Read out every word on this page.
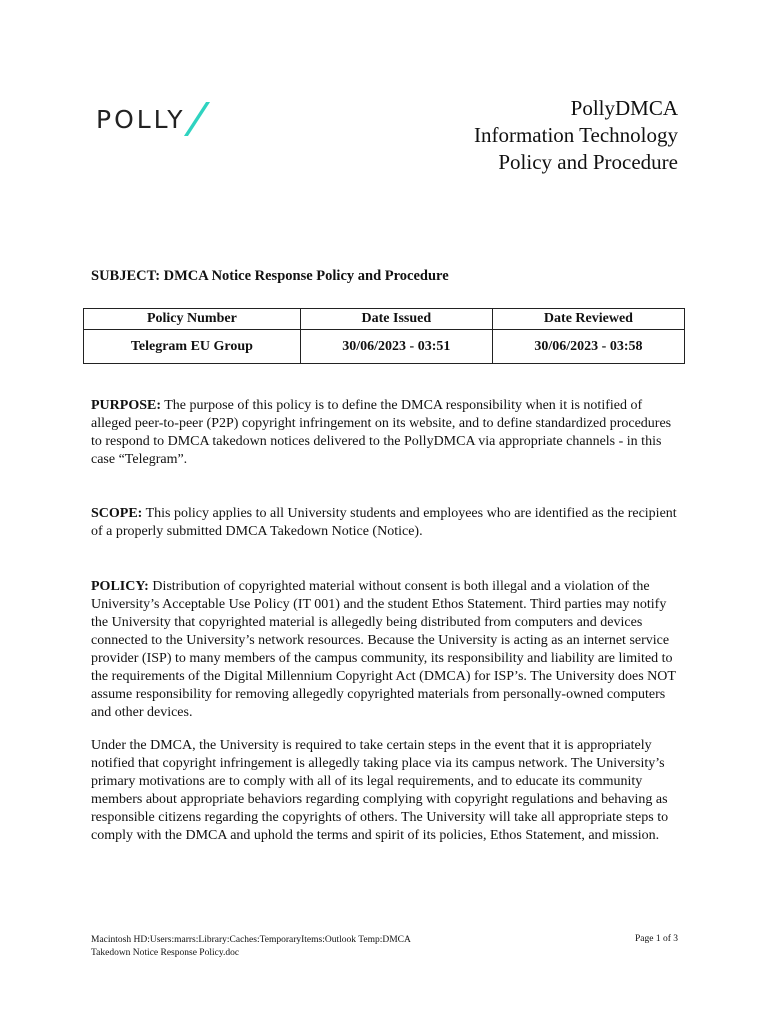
POLLY	PollyDMCA
Information Technology
Policy and Procedure
SUBJECT: DMCA Notice Response Policy and Procedure
Policy Number	Date Issued	Date Reviewed
Telegram EU Group	30/06/2023 - 03:51	30/06/2023 - 03:58
PURPOSE: The purpose of this policy is to define the DMCA responsibility when it is notified of alleged peer-to-peer (P2P) copyright infringement on its website, and to define standardized procedures to respond to DMCA takedown notices delivered to the PollyDMCA via appropriate channels - in this case “Telegram”.
SCOPE: This policy applies to all University students and employees who are identified as the recipient of a properly submitted DMCA Takedown Notice (Notice).
POLICY: Distribution of copyrighted material without consent is both illegal and a violation of the University’s Acceptable Use Policy (IT 001) and the student Ethos Statement. Third parties may notify the University that copyrighted material is allegedly being distributed from computers and devices connected to the University’s network resources. Because the University is acting as an internet service provider (ISP) to many members of the campus community, its responsibility and liability are limited to the requirements of the Digital Millennium Copyright Act (DMCA) for ISP’s. The University does NOT assume responsibility for removing allegedly copyrighted materials from personally-owned computers and other devices.
Under the DMCA, the University is required to take certain steps in the event that it is appropriately notified that copyright infringement is allegedly taking place via its campus network. The University’s primary motivations are to comply with all of its legal requirements, and to educate its community members about appropriate behaviors regarding complying with copyright regulations and behaving as responsible citizens regarding the copyrights of others. The University will take all appropriate steps to comply with the DMCA and uphold the terms and spirit of its policies, Ethos Statement, and mission.
Macintosh HD:Users:marrs:Library:Caches:TemporaryItems:Outlook Temp:DMCA Takedown Notice Response Policy.doc
Page 1 of 3
